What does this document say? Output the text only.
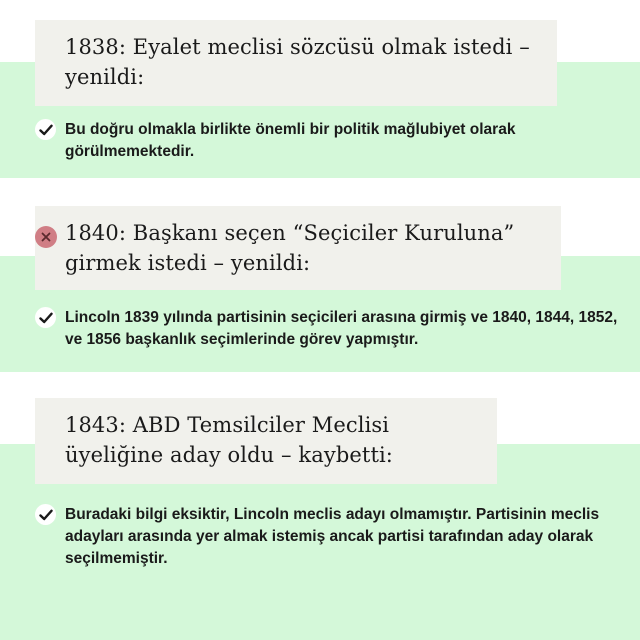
1838: Eyalet meclisi sözcüsü olmak istedi – yenildi:
Bu doğru olmakla birlikte önemli bir politik mağlubiyet olarak görülmemektedir.
1840: Başkanı seçen “Seçiciler Kuruluna” girmek istedi – yenildi:
Lincoln 1839 yılında partisinin seçicileri arasına girmiş ve 1840, 1844, 1852, ve 1856 başkanlık seçimlerinde görev yapmıştır.
1843: ABD Temsilciler Meclisi üyeliğine aday oldu – kaybetti:
Buradaki bilgi eksiktir, Lincoln meclis adayı olmamıştır. Partisinin meclis adayları arasında yer almak istemiş ancak partisi tarafından aday olarak seçilmemiştir.
